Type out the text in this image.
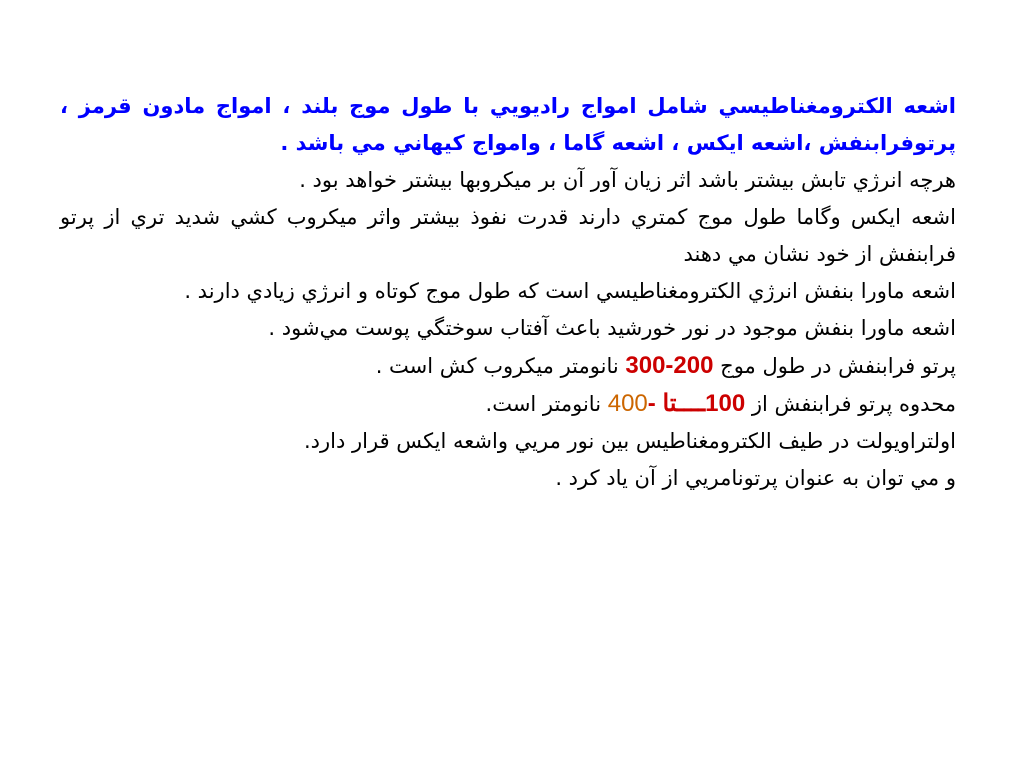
اشعه الكترومغناطيسي شامل امواج راديويي با طول موج بلند ، امواج مادون قرمز ، پرتوفرابنفش ،اشعه ايكس ، اشعه گاما ، وامواج كيهاني مي باشد .

هرچه انرژي تابش بيشتر باشد اثر زيان آور آن بر ميكروبها بيشتر خواهد بود .

اشعه ايكس وگاما طول موج كمتري دارند قدرت نفوذ بيشتر واثر ميكروب كشي شديد تري از پرتو فرابنفش از خود نشان مي دهند

اشعه ماورا بنفش انرژي الكترومغناطيسي است كه طول موج كوتاه و انرژي زيادي دارند .

اشعه ماورا بنفش موجود در نور خورشيد باعث آفتاب سوختگي پوست مي‌شود .

پرتو فرابنفش در طول موج 300-200 نانومتر ميكروب كش است .

محدوه پرتو فرابنفش از 100ــــتا -400 نانومتر است.

اولتراويولت در طيف الكترومغناطيس بين نور مريي واشعه ايكس قرار دارد.

و مي توان به عنوان پرتونامريي از آن ياد كرد .
